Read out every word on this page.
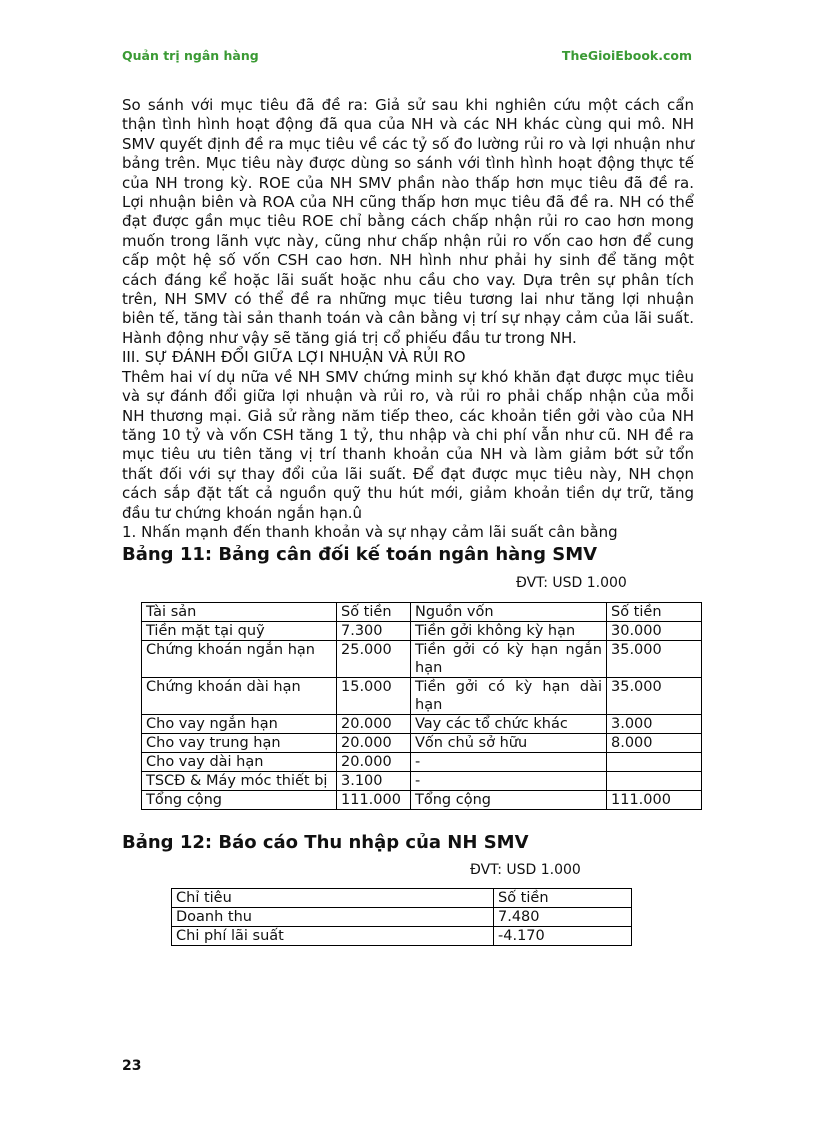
Quản trị ngân hàng	TheGioiEbook.com

So sánh với mục tiêu đã đề ra: Giả sử sau khi nghiên cứu một cách cẩn thận tình hình hoạt động đã qua của NH và các NH khác cùng qui mô. NH SMV quyết định đề ra mục tiêu về các tỷ số đo lường rủi ro và lợi nhuận như bảng trên. Mục tiêu này được dùng so sánh với tình hình hoạt động thực tế của NH trong kỳ. ROE của NH SMV phần nào thấp hơn mục tiêu đã đề ra. Lợi nhuận biên và ROA của NH cũng thấp hơn mục tiêu đã đề ra. NH có thể đạt được gần mục tiêu ROE chỉ bằng cách chấp nhận rủi ro cao hơn mong muốn trong lãnh vực này, cũng như chấp nhận rủi ro vốn cao hơn để cung cấp một hệ số vốn CSH cao hơn. NH hình như phải hy sinh để tăng một cách đáng kể hoặc lãi suất hoặc nhu cầu cho vay. Dựa trên sự phân tích trên, NH SMV có thể đề ra những mục tiêu tương lai như tăng lợi nhuận biên tế, tăng tài sản thanh toán và cân bằng vị trí sự nhạy cảm của lãi suất. Hành động như vậy sẽ tăng giá trị cổ phiếu đầu tư trong NH.

III. SỰ ĐÁNH ĐỔI GIỮA LỢI NHUẬN VÀ RỦI RO

Thêm hai ví dụ nữa về NH SMV chứng minh sự khó khăn đạt được mục tiêu và sự đánh đổi giữa lợi nhuận và rủi ro, và rủi ro phải chấp nhận của mỗi NH thương mại. Giả sử rằng năm tiếp theo, các khoản tiền gởi vào của NH tăng 10 tỷ và vốn CSH tăng 1 tỷ, thu nhập và chi phí vẫn như cũ. NH đề ra mục tiêu ưu tiên tăng vị trí thanh khoản của NH và làm giảm bớt sử tổn thất đối với sự thay đổi của lãi suất. Để đạt được mục tiêu này, NH chọn cách sắp đặt tất cả nguồn quỹ thu hút mới, giảm khoản tiền dự trữ, tăng đầu tư chứng khoán ngắn hạn.û

1. Nhấn mạnh đến thanh khoản và sự nhạy cảm lãi suất cân bằng

Bảng 11: Bảng cân đối kế toán ngân hàng SMV

ĐVT: USD 1.000

Tài sản	Số tiền	Nguồn vốn	Số tiền
Tiền mặt tại quỹ	7.300	Tiền gởi không kỳ hạn	30.000
Chứng khoán ngắn hạn	25.000	Tiền gởi có kỳ hạn ngắn hạn	35.000
Chứng khoán dài hạn	15.000	Tiền gởi có kỳ hạn dài hạn	35.000
Cho vay ngắn hạn	20.000	Vay các tổ chức khác	3.000
Cho vay trung hạn	20.000	Vốn chủ sở hữu	8.000
Cho vay dài hạn	20.000	-	
TSCĐ & Máy móc thiết bị	3.100	-	
Tổng cộng	111.000	Tổng cộng	111.000

Bảng 12: Báo cáo Thu nhập của NH SMV

ĐVT: USD 1.000

Chỉ tiêu	Số tiền
Doanh thu	7.480
Chi phí lãi suất	-4.170
23
